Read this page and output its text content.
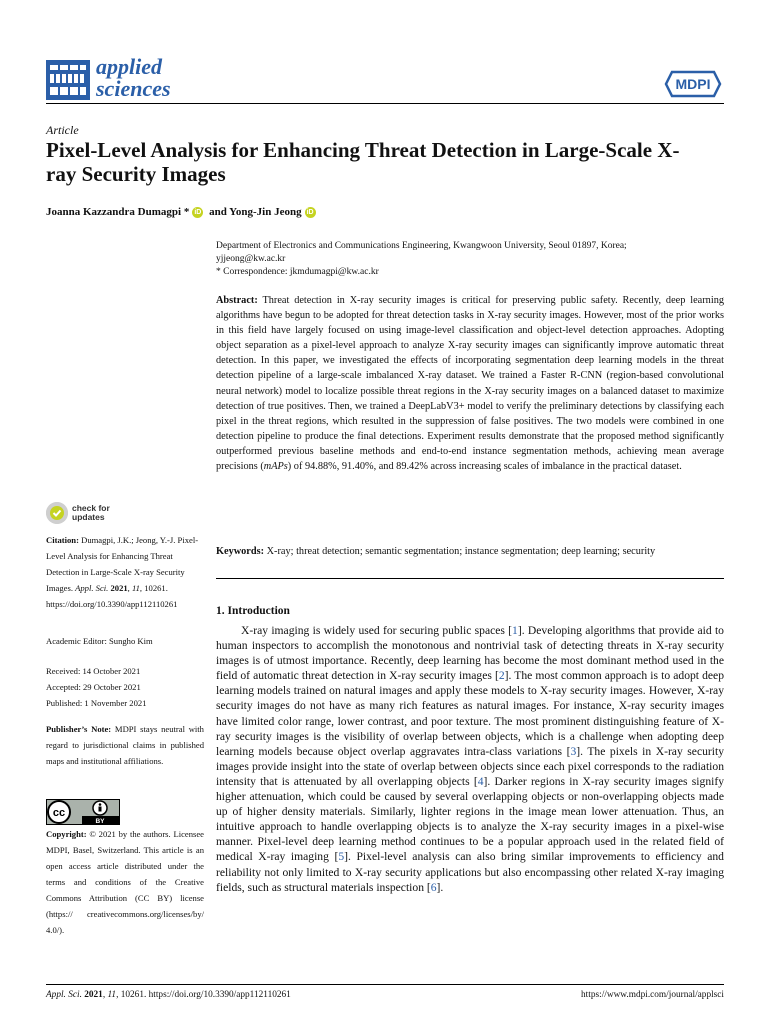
applied
sciences	MDPI
Article
Pixel-Level Analysis for Enhancing Threat Detection in Large-Scale X-ray Security Images
Joanna Kazzandra Dumagpi * iD and Yong-Jin Jeong iD
Department of Electronics and Communications Engineering, Kwangwoon University, Seoul 01897, Korea;
yjjeong@kw.ac.kr
* Correspondence: jkmdumagpi@kw.ac.kr
Abstract: Threat detection in X-ray security images is critical for preserving public safety. Recently, deep learning algorithms have begun to be adopted for threat detection tasks in X-ray security images. However, most of the prior works in this field have largely focused on using image-level classification and object-level detection approaches. Adopting object separation as a pixel-level approach to analyze X-ray security images can significantly improve automatic threat detection. In this paper, we investigated the effects of incorporating segmentation deep learning models in the threat detection pipeline of a large-scale imbalanced X-ray dataset. We trained a Faster R-CNN (region-based convolutional neural network) model to localize possible threat regions in the X-ray security images on a balanced dataset to maximize detection of true positives. Then, we trained a DeepLabV3+ model to verify the preliminary detections by classifying each pixel in the threat regions, which resulted in the suppression of false positives. The two models were combined in one detection pipeline to produce the final detections. Experiment results demonstrate that the proposed method significantly outperformed previous baseline methods and end-to-end instance segmentation methods, achieving mean average precisions (mAPs) of 94.88%, 91.40%, and 89.42% across increasing scales of imbalance in the practical dataset.
Keywords: X-ray; threat detection; semantic segmentation; instance segmentation; deep learning; security
1. Introduction

X-ray imaging is widely used for securing public spaces [1]. Developing algorithms that provide aid to human inspectors to accomplish the monotonous and nontrivial task of detecting threats in X-ray security images is of utmost importance. Recently, deep learning has become the most dominant method used in the field of automatic threat detection in X-ray security images [2]. The most common approach is to adopt deep learning models trained on natural images and apply these models to X-ray security images. However, X-ray security images do not have as many rich features as natural images. For instance, X-ray security images have limited color range, lower contrast, and poor texture. The most prominent distinguishing feature of X-ray security images is the visibility of overlap between objects, which is a challenge when adopting deep learning models because object overlap aggravates intra-class variations [3]. The pixels in X-ray security images provide insight into the state of overlap between objects since each pixel corresponds to the radiation intensity that is attenuated by all overlapping objects [4]. Darker regions in X-ray security images signify higher attenuation, which could be caused by several overlapping objects or non-overlapping objects made up of higher density materials. Similarly, lighter regions in the image mean lower attenuation. Thus, an intuitive approach to handle overlapping objects is to analyze the X-ray security images in a pixel-wise manner. Pixel-level deep learning method continues to be a popular approach used in the related field of medical X-ray imaging [5]. Pixel-level analysis can also bring similar improvements to efficiency and reliability not only limited to X-ray security applications but also encompassing other related X-ray imaging fields, such as structural materials inspection [6].

check for
updates
Citation: Dumagpi, J.K.; Jeong, Y.-J. Pixel-Level Analysis for Enhancing Threat Detection in Large-Scale X-ray Security Images. Appl. Sci. 2021, 11, 10261. https://doi.org/10.3390/app112110261
Academic Editor: Sungho Kim
Received: 14 October 2021
Accepted: 29 October 2021
Published: 1 November 2021
Publisher’s Note: MDPI stays neutral with regard to jurisdictional claims in published maps and institutional affiliations.
cc
BY
Copyright: © 2021 by the authors. Licensee MDPI, Basel, Switzerland. This article is an open access article distributed under the terms and conditions of the Creative Commons Attribution (CC BY) license (https:// creativecommons.org/licenses/by/ 4.0/).
Appl. Sci. 2021, 11, 10261. https://doi.org/10.3390/app112110261	https://www.mdpi.com/journal/applsci
